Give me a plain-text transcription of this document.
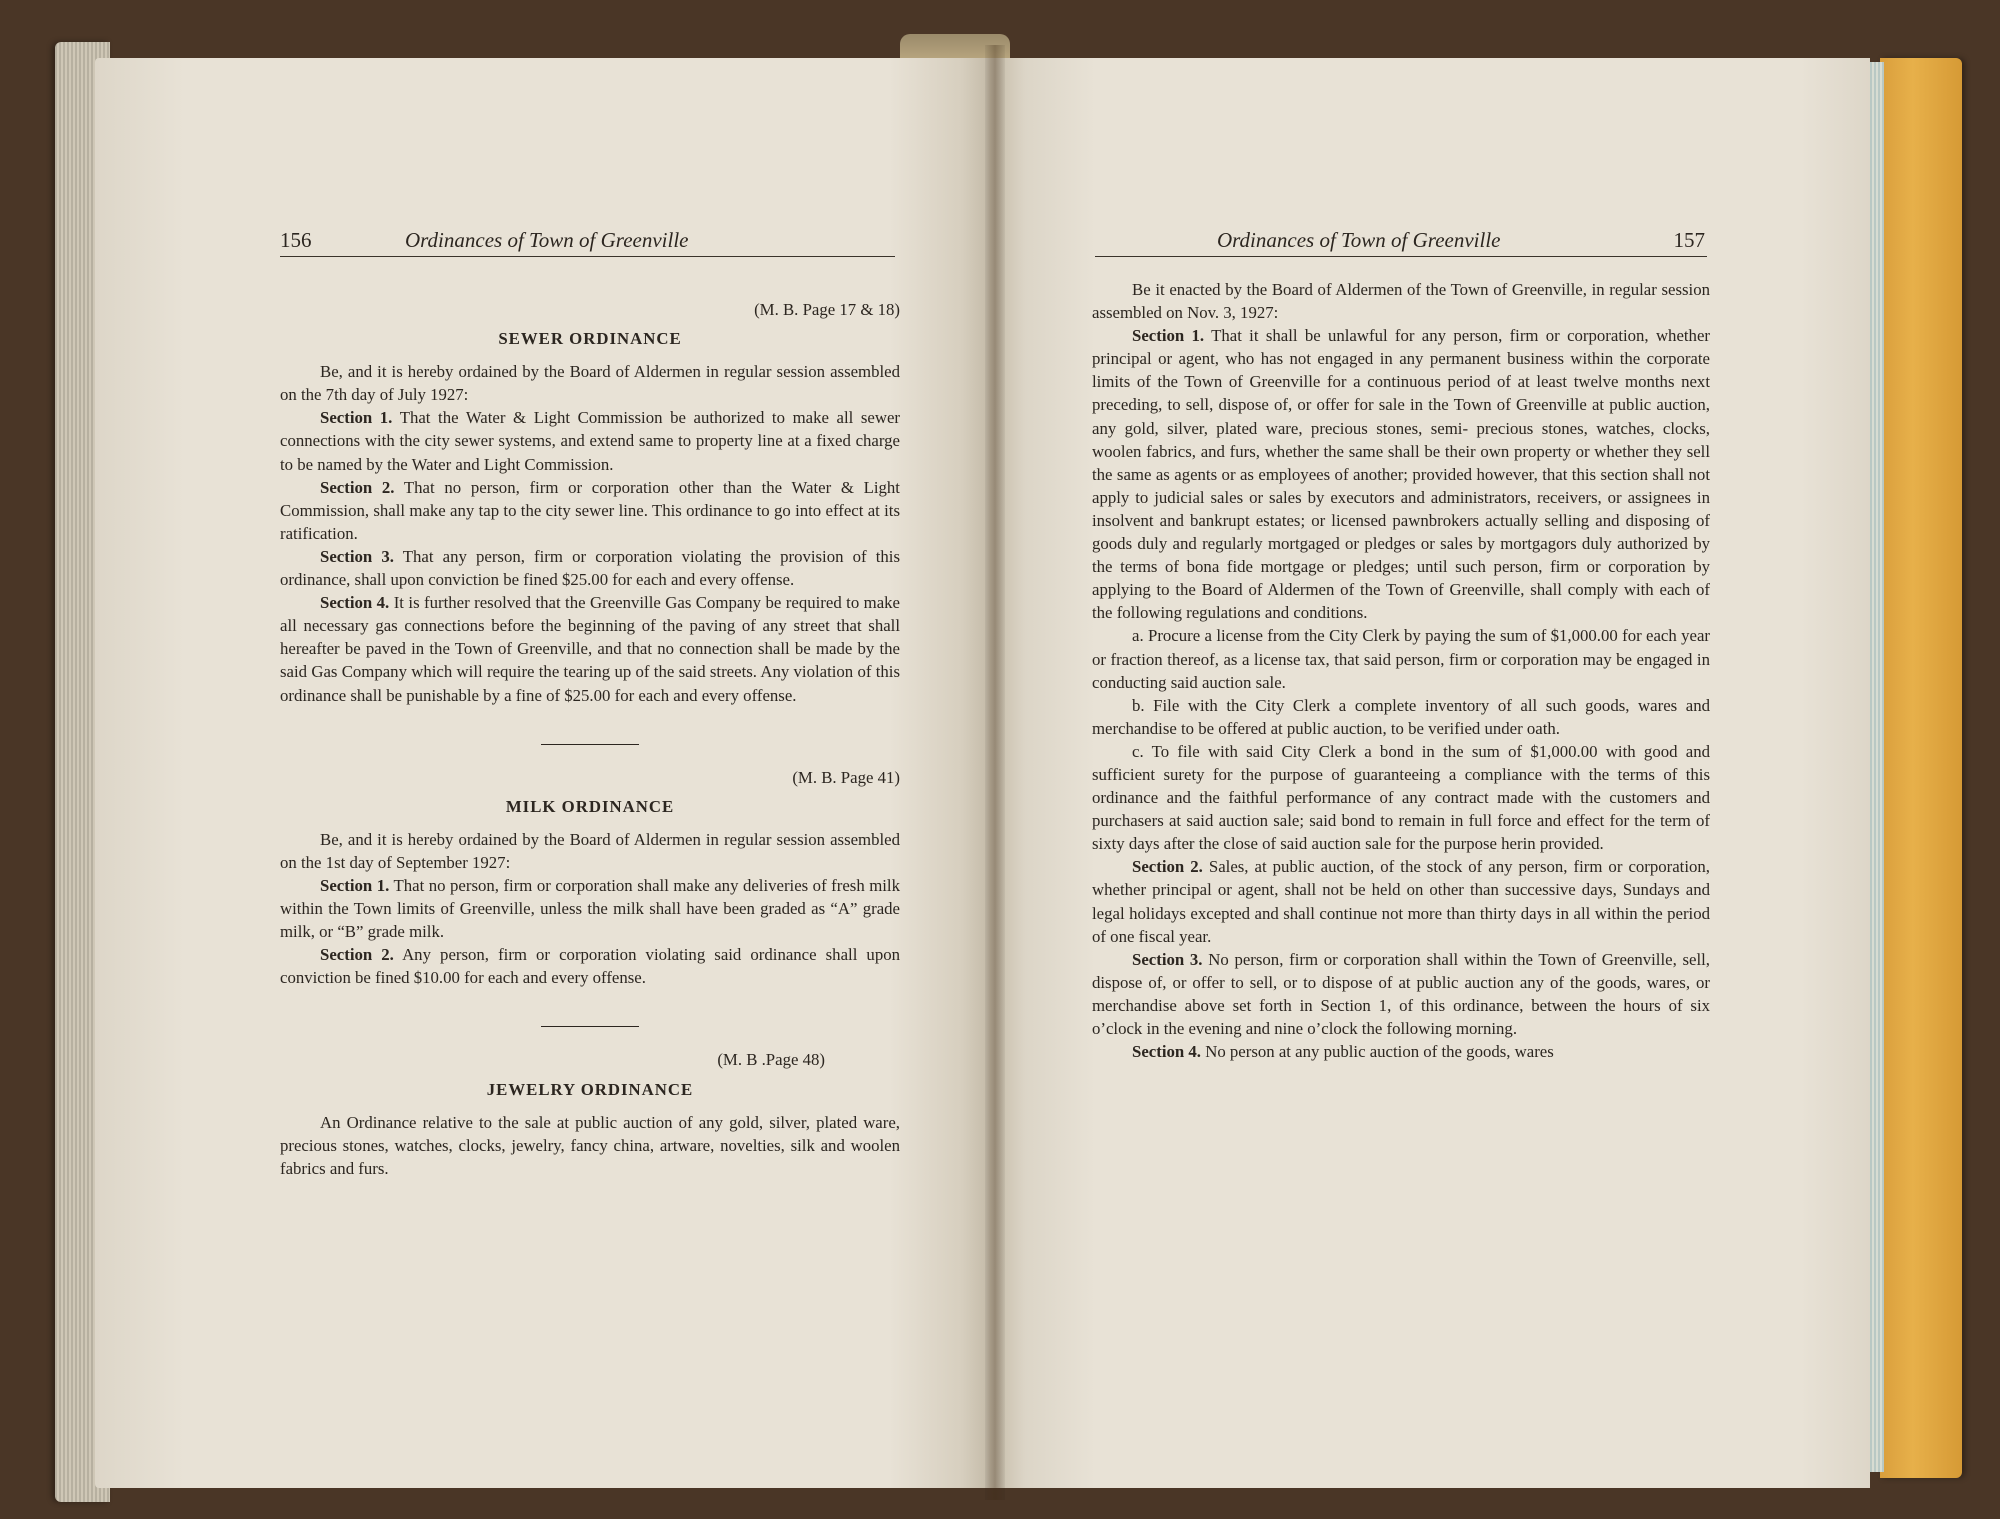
156	Ordinances of Town of Greenville	Ordinances of Town of Greenville	157

(M. B. Page 17 & 18)

SEWER ORDINANCE

Be, and it is hereby ordained by the Board of Aldermen in regular session assembled on the 7th day of July 1927:

Section 1. That the Water & Light Commission be authorized to make all sewer connections with the city sewer systems, and extend same to property line at a fixed charge to be named by the Water and Light Commission.

Section 2. That no person, firm or corporation other than the Water & Light Commission, shall make any tap to the city sewer line. This ordinance to go into effect at its ratification.

Section 3. That any person, firm or corporation violating the provision of this ordinance, shall upon conviction be fined $25.00 for each and every offense.

Section 4. It is further resolved that the Greenville Gas Company be required to make all necessary gas connections before the beginning of the paving of any street that shall hereafter be paved in the Town of Greenville, and that no connection shall be made by the said Gas Company which will require the tearing up of the said streets. Any violation of this ordinance shall be punishable by a fine of $25.00 for each and every offense.

(M. B. Page 41)

MILK ORDINANCE

Be, and it is hereby ordained by the Board of Aldermen in regular session assembled on the 1st day of September 1927:

Section 1. That no person, firm or corporation shall make any deliveries of fresh milk within the Town limits of Greenville, unless the milk shall have been graded as “A” grade milk, or “B” grade milk.

Section 2. Any person, firm or corporation violating said ordinance shall upon conviction be fined $10.00 for each and every offense.

(M. B .Page 48)

JEWELRY ORDINANCE

An Ordinance relative to the sale at public auction of any gold, silver, plated ware, precious stones, watches, clocks, jewelry, fancy china, artware, novelties, silk and woolen fabrics and furs.

Be it enacted by the Board of Aldermen of the Town of Greenville, in regular session assembled on Nov. 3, 1927:

Section 1. That it shall be unlawful for any person, firm or corporation, whether principal or agent, who has not engaged in any permanent business within the corporate limits of the Town of Greenville for a continuous period of at least twelve months next preceding, to sell, dispose of, or offer for sale in the Town of Greenville at public auction, any gold, silver, plated ware, precious stones, semi- precious stones, watches, clocks, woolen fabrics, and furs, whether the same shall be their own property or whether they sell the same as agents or as employees of another; provided however, that this section shall not apply to judicial sales or sales by executors and administrators, receivers, or assignees in insolvent and bankrupt estates; or licensed pawnbrokers actually selling and disposing of goods duly and regularly mortgaged or pledges or sales by mortgagors duly authorized by the terms of bona fide mortgage or pledges; until such person, firm or corporation by applying to the Board of Aldermen of the Town of Greenville, shall comply with each of the following regulations and conditions.

a. Procure a license from the City Clerk by paying the sum of $1,000.00 for each year or fraction thereof, as a license tax, that said person, firm or corporation may be engaged in conducting said auction sale.

b. File with the City Clerk a complete inventory of all such goods, wares and merchandise to be offered at public auction, to be verified under oath.

c. To file with said City Clerk a bond in the sum of $1,000.00 with good and sufficient surety for the purpose of guaranteeing a compliance with the terms of this ordinance and the faithful performance of any contract made with the customers and purchasers at said auction sale; said bond to remain in full force and effect for the term of sixty days after the close of said auction sale for the purpose herin provided.

Section 2. Sales, at public auction, of the stock of any person, firm or corporation, whether principal or agent, shall not be held on other than successive days, Sundays and legal holidays excepted and shall continue not more than thirty days in all within the period of one fiscal year.

Section 3. No person, firm or corporation shall within the Town of Greenville, sell, dispose of, or offer to sell, or to dispose of at public auction any of the goods, wares, or merchandise above set forth in Section 1, of this ordinance, between the hours of six o’clock in the evening and nine o’clock the following morning.

Section 4. No person at any public auction of the goods, wares
